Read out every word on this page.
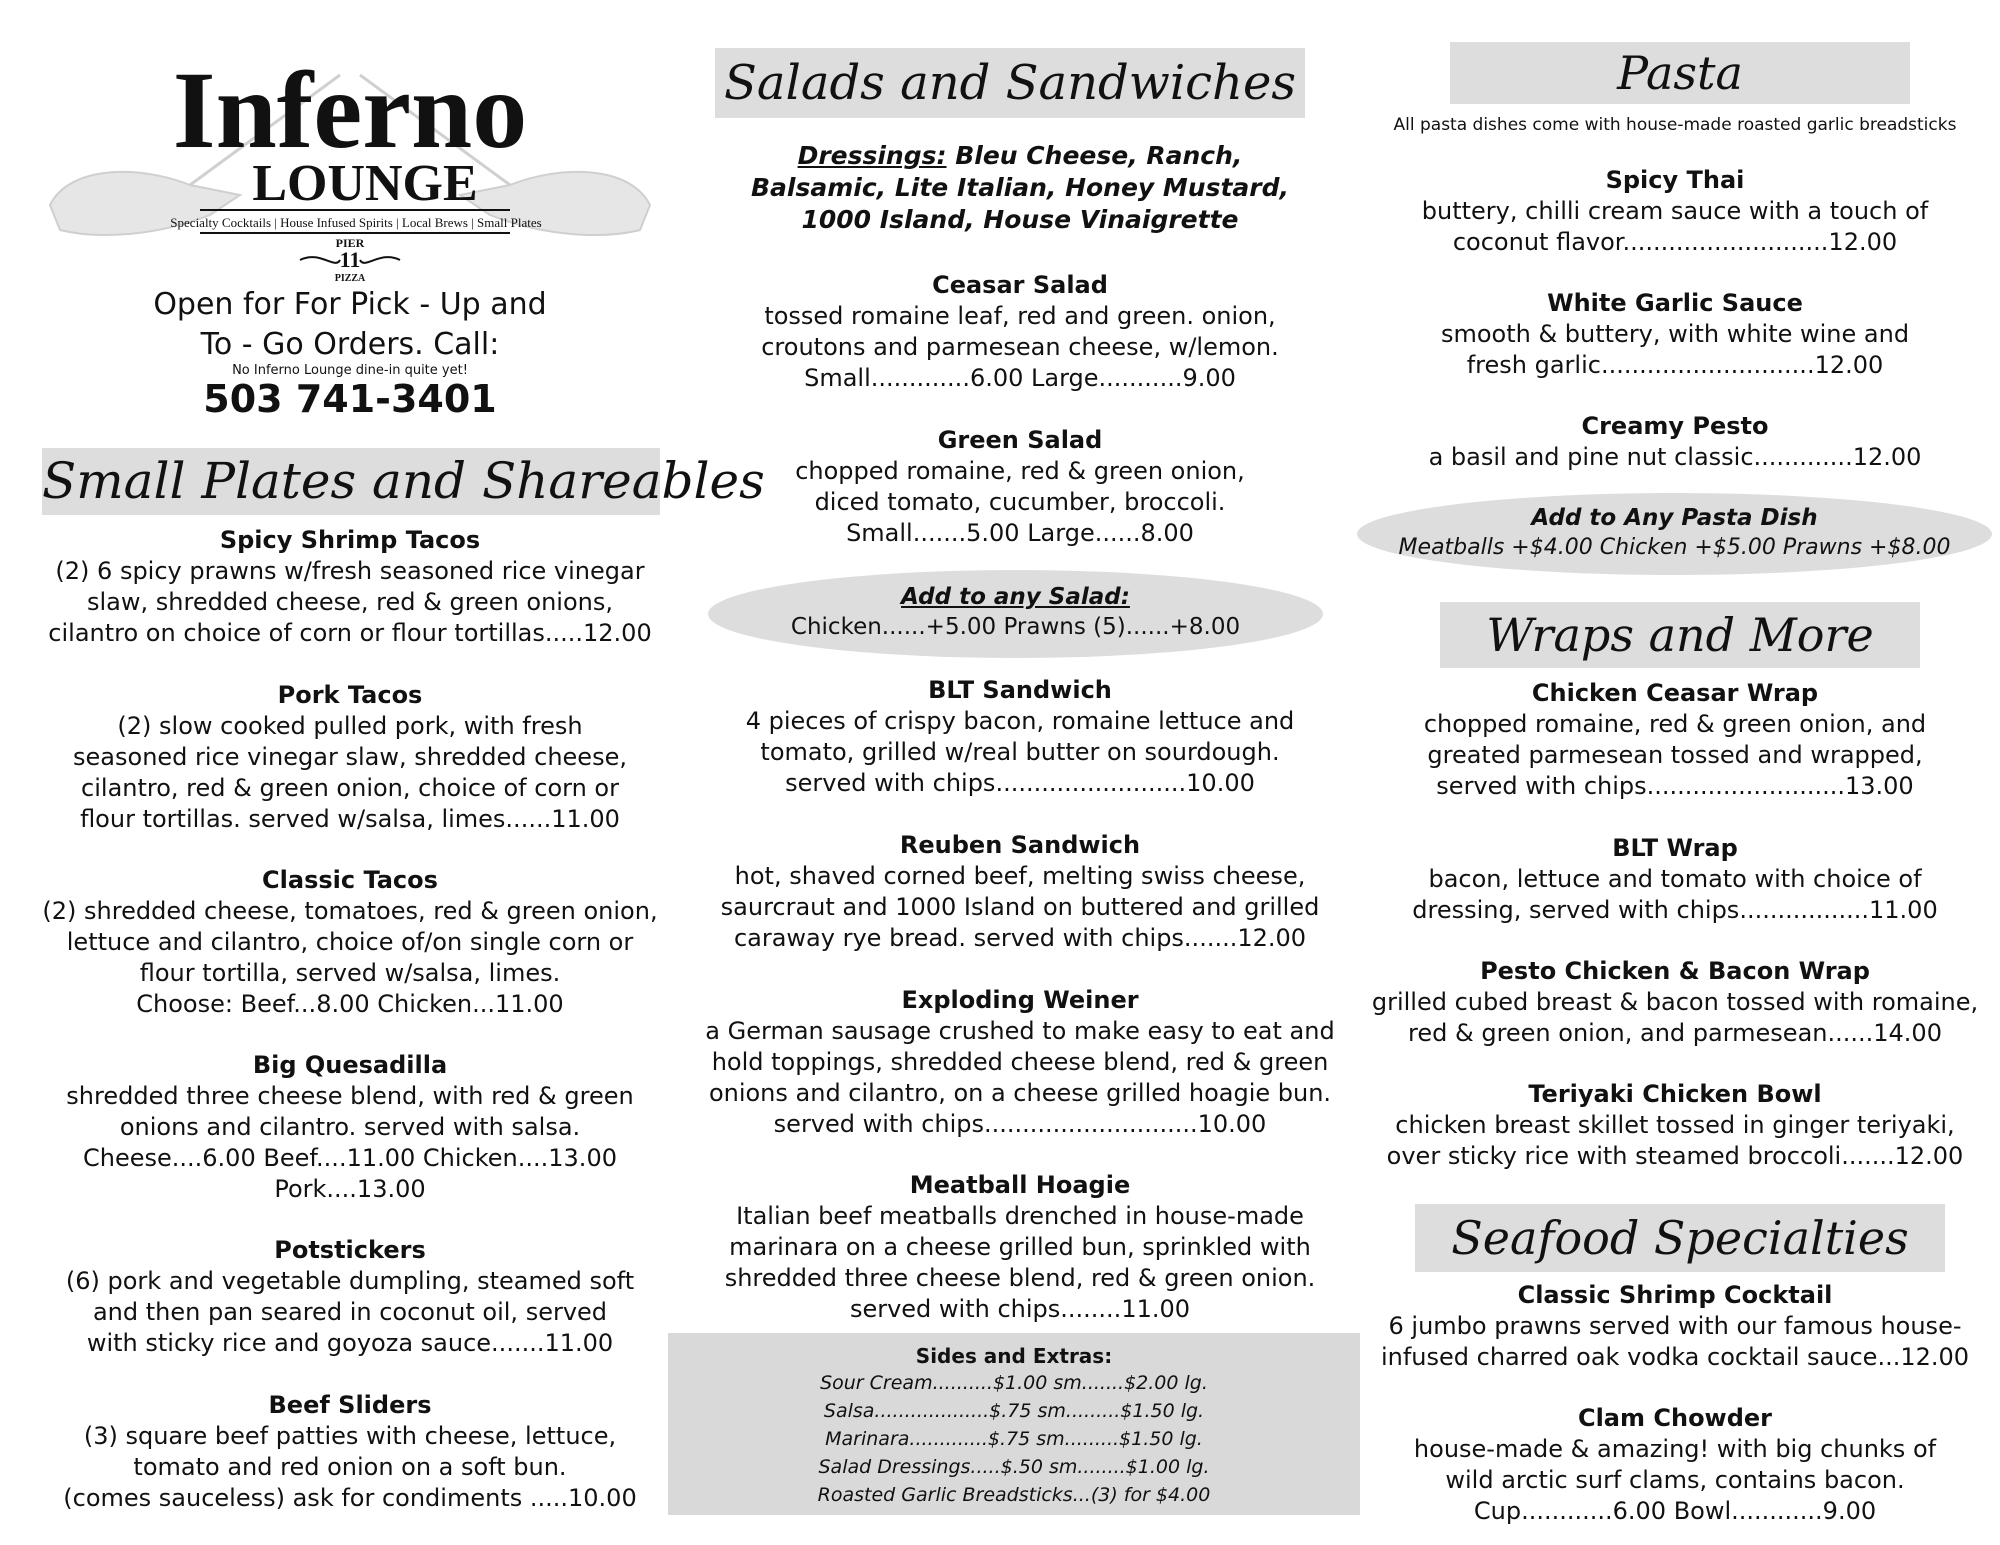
Inferno
LOUNGE
Specialty Cocktails | House Infused Spirits | Local Brews | Small Plates
PIER
11
PIZZA
Open for For Pick - Up and
To - Go Orders. Call:
No Inferno Lounge dine-in quite yet!
503 741-3401
Small Plates and Shareables
Spicy Shrimp Tacos
(2) 6 spicy prawns w/fresh seasoned rice vinegar
slaw, shredded cheese, red & green onions,
cilantro on choice of corn or flour tortillas.....12.00
Pork Tacos
(2) slow cooked pulled pork, with fresh
seasoned rice vinegar slaw, shredded cheese,
cilantro, red & green onion, choice of corn or
flour tortillas. served w/salsa, limes......11.00
Classic Tacos
(2) shredded cheese, tomatoes, red & green onion,
lettuce and cilantro, choice of/on single corn or
flour tortilla, served w/salsa, limes.
Choose: Beef...8.00 Chicken...11.00
Big Quesadilla
shredded three cheese blend, with red & green
onions and cilantro. served with salsa.
Cheese....6.00 Beef....11.00 Chicken....13.00
Pork....13.00
Potstickers
(6) pork and vegetable dumpling, steamed soft
and then pan seared in coconut oil, served
with sticky rice and goyoza sauce.......11.00
Beef Sliders
(3) square beef patties with cheese, lettuce,
tomato and red onion on a soft bun.
(comes sauceless) ask for condiments .....10.00
Salads and Sandwiches
Dressings: Bleu Cheese, Ranch,
Balsamic, Lite Italian, Honey Mustard,
1000 Island, House Vinaigrette
Ceasar Salad
tossed romaine leaf, red and green. onion,
croutons and parmesean cheese, w/lemon.
Small.............6.00 Large...........9.00
Green Salad
chopped romaine, red & green onion,
diced tomato, cucumber, broccoli.
Small.......5.00 Large......8.00
Add to any Salad:
Chicken......+5.00 Prawns (5)......+8.00
BLT Sandwich
4 pieces of crispy bacon, romaine lettuce and
tomato, grilled w/real butter on sourdough.
served with chips.........................10.00
Reuben Sandwich
hot, shaved corned beef, melting swiss cheese,
saurcraut and 1000 Island on buttered and grilled
caraway rye bread. served with chips.......12.00
Exploding Weiner
a German sausage crushed to make easy to eat and
hold toppings, shredded cheese blend, red & green
onions and cilantro, on a cheese grilled hoagie bun.
served with chips............................10.00
Meatball Hoagie
Italian beef meatballs drenched in house-made
marinara on a cheese grilled bun, sprinkled with
shredded three cheese blend, red & green onion.
served with chips........11.00
Sides and Extras:
Sour Cream..........$1.00 sm.......$2.00 lg.
Salsa...................$.75 sm.........$1.50 lg.
Marinara.............$.75 sm.........$1.50 lg.
Salad Dressings.....$.50 sm........$1.00 lg.
Roasted Garlic Breadsticks...(3) for $4.00
Pasta
All pasta dishes come with house-made roasted garlic breadsticks
Spicy Thai
buttery, chilli cream sauce with a touch of
coconut flavor...........................12.00
White Garlic Sauce
smooth & buttery, with white wine and
fresh garlic............................12.00
Creamy Pesto
a basil and pine nut classic.............12.00
Add to Any Pasta Dish
Meatballs +$4.00 Chicken +$5.00 Prawns +$8.00
Wraps and More
Chicken Ceasar Wrap
chopped romaine, red & green onion, and
greated parmesean tossed and wrapped,
served with chips..........................13.00
BLT Wrap
bacon, lettuce and tomato with choice of
dressing, served with chips.................11.00
Pesto Chicken & Bacon Wrap
grilled cubed breast & bacon tossed with romaine,
red & green onion, and parmesean......14.00
Teriyaki Chicken Bowl
chicken breast skillet tossed in ginger teriyaki,
over sticky rice with steamed broccoli.......12.00
Seafood Specialties
Classic Shrimp Cocktail
6 jumbo prawns served with our famous house-
infused charred oak vodka cocktail sauce...12.00
Clam Chowder
house-made & amazing! with big chunks of
wild arctic surf clams, contains bacon.
Cup............6.00 Bowl............9.00
